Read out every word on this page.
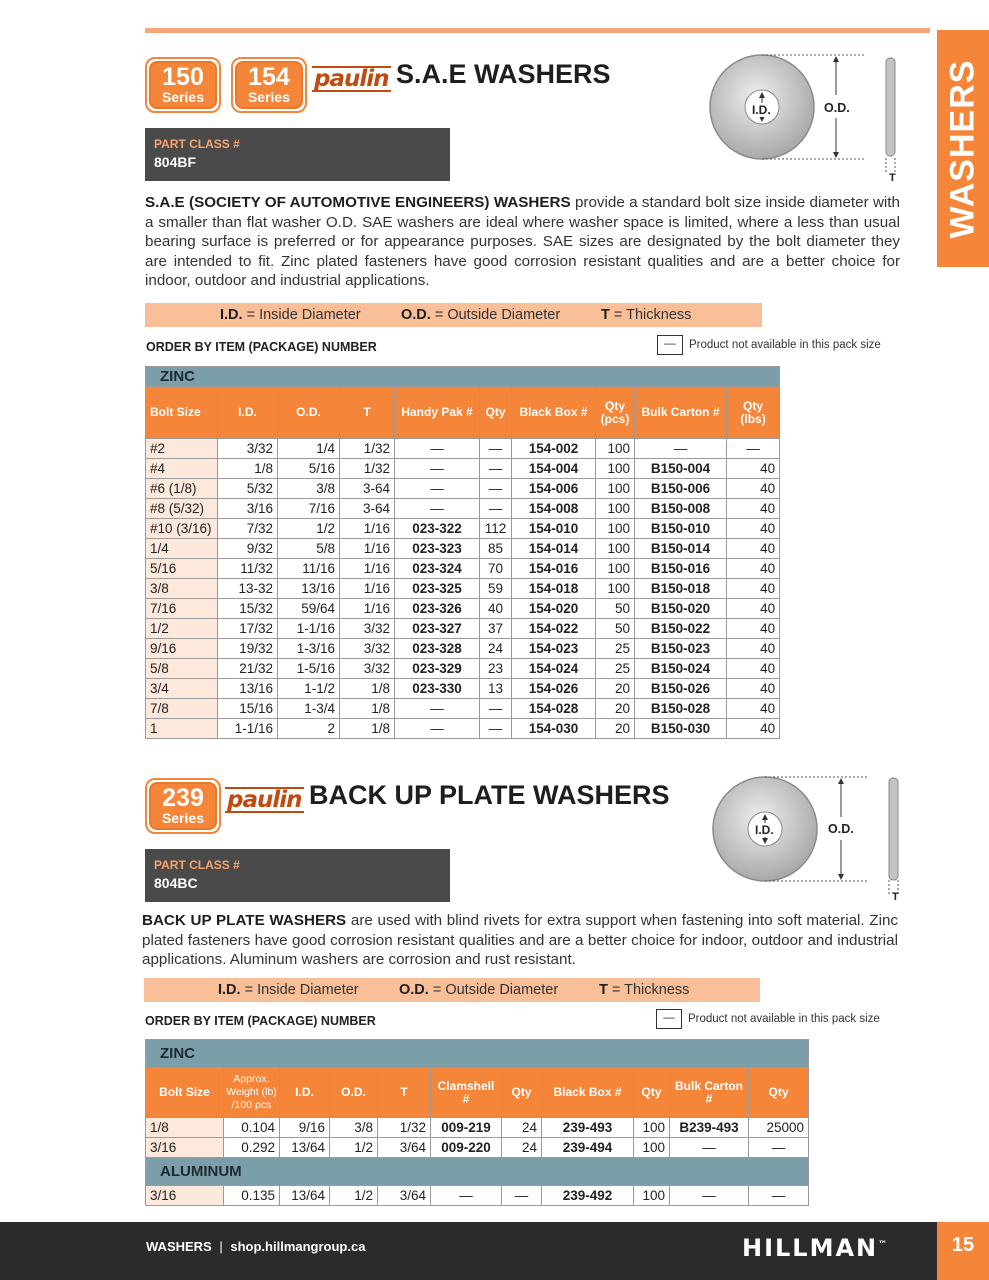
WASHERS
150
Series
154
Series
paulin S.A.E WASHERS
PART CLASS #
804BF
I.D.	O.D.
T
S.A.E (SOCIETY OF AUTOMOTIVE ENGINEERS) WASHERS provide a standard bolt size inside diameter with a smaller than flat washer O.D. SAE washers are ideal where washer space is limited, where a less than usual bearing surface is preferred or for appearance purposes. SAE sizes are designated by the bolt diameter they are intended to fit. Zinc plated fasteners have good corrosion resistant qualities and are a better choice for indoor, outdoor and industrial applications.
I.D. = Inside Diameter	O.D. = Outside Diameter	T = Thickness
ORDER BY ITEM (PACKAGE) NUMBER	— Product not available in this pack size
ZINC									
Bolt Size	I.D.	O.D.	T	Handy Pak #	Qty	Black Box #	Qty (pcs)	Bulk Carton #	Qty (lbs)
#2	3/32	1/4	1/32	—	—	154-002	100	—	—
#4	1/8	5/16	1/32	—	—	154-004	100	B150-004	40
#6 (1/8)	5/32	3/8	3-64	—	—	154-006	100	B150-006	40
#8 (5/32)	3/16	7/16	3-64	—	—	154-008	100	B150-008	40
#10 (3/16)	7/32	1/2	1/16	023-322	112	154-010	100	B150-010	40
1/4	9/32	5/8	1/16	023-323	85	154-014	100	B150-014	40
5/16	11/32	11/16	1/16	023-324	70	154-016	100	B150-016	40
3/8	13-32	13/16	1/16	023-325	59	154-018	100	B150-018	40
7/16	15/32	59/64	1/16	023-326	40	154-020	50	B150-020	40
1/2	17/32	1-1/16	3/32	023-327	37	154-022	50	B150-022	40
9/16	19/32	1-3/16	3/32	023-328	24	154-023	25	B150-023	40
5/8	21/32	1-5/16	3/32	023-329	23	154-024	25	B150-024	40
3/4	13/16	1-1/2	1/8	023-330	13	154-026	20	B150-026	40
7/8	15/16	1-3/4	1/8	—	—	154-028	20	B150-028	40
1	1-1/16	2	1/8	—	—	154-030	20	B150-030	40
239
Series
paulin BACK UP PLATE WASHERS
PART CLASS #
804BC
I.D.	O.D.
T
BACK UP PLATE WASHERS are used with blind rivets for extra support when fastening into soft material. Zinc plated fasteners have good corrosion resistant qualities and are a better choice for indoor, outdoor and industrial applications. Aluminum washers are corrosion and rust resistant.
I.D. = Inside Diameter	O.D. = Outside Diameter	T = Thickness
ORDER BY ITEM (PACKAGE) NUMBER	— Product not available in this pack size
ZINC										
Bolt Size	Approx. Weight (lb) /100 pcs	I.D.	O.D.	T	Clamshell #	Qty	Black Box #	Qty	Bulk Carton #	Qty
1/8	0.104	9/16	3/8	1/32	009-219	24	239-493	100	B239-493	25000
3/16	0.292	13/64	1/2	3/64	009-220	24	239-494	100	—	—
ALUMINUM										
3/16	0.135	13/64	1/2	3/64	—	—	239-492	100	—	—
WASHERS | shop.hillmangroup.ca	HILLMAN™	15
